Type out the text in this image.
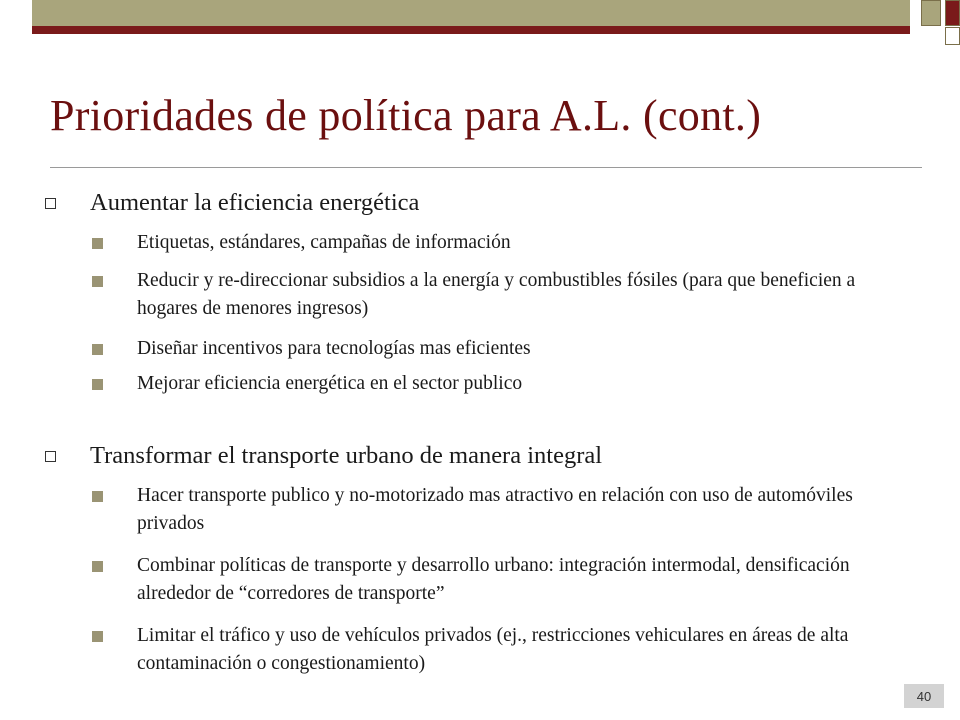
Prioridades de política para A.L. (cont.)

Aumentar la eficiencia energética

Etiquetas, estándares, campañas de información

Reducir y re-direccionar subsidios a la energía y combustibles fósiles (para que beneficien a hogares de menores ingresos)

Diseñar incentivos para tecnologías mas eficientes

Mejorar eficiencia energética en el sector publico

Transformar el transporte urbano de manera integral

Hacer transporte publico y no-motorizado mas atractivo en relación con uso de automóviles privados

Combinar políticas de transporte y desarrollo urbano: integración intermodal, densificación alrededor de “corredores de transporte”

Limitar el tráfico y uso de vehículos privados (ej., restricciones vehiculares en áreas de alta contaminación o congestionamiento)

40
